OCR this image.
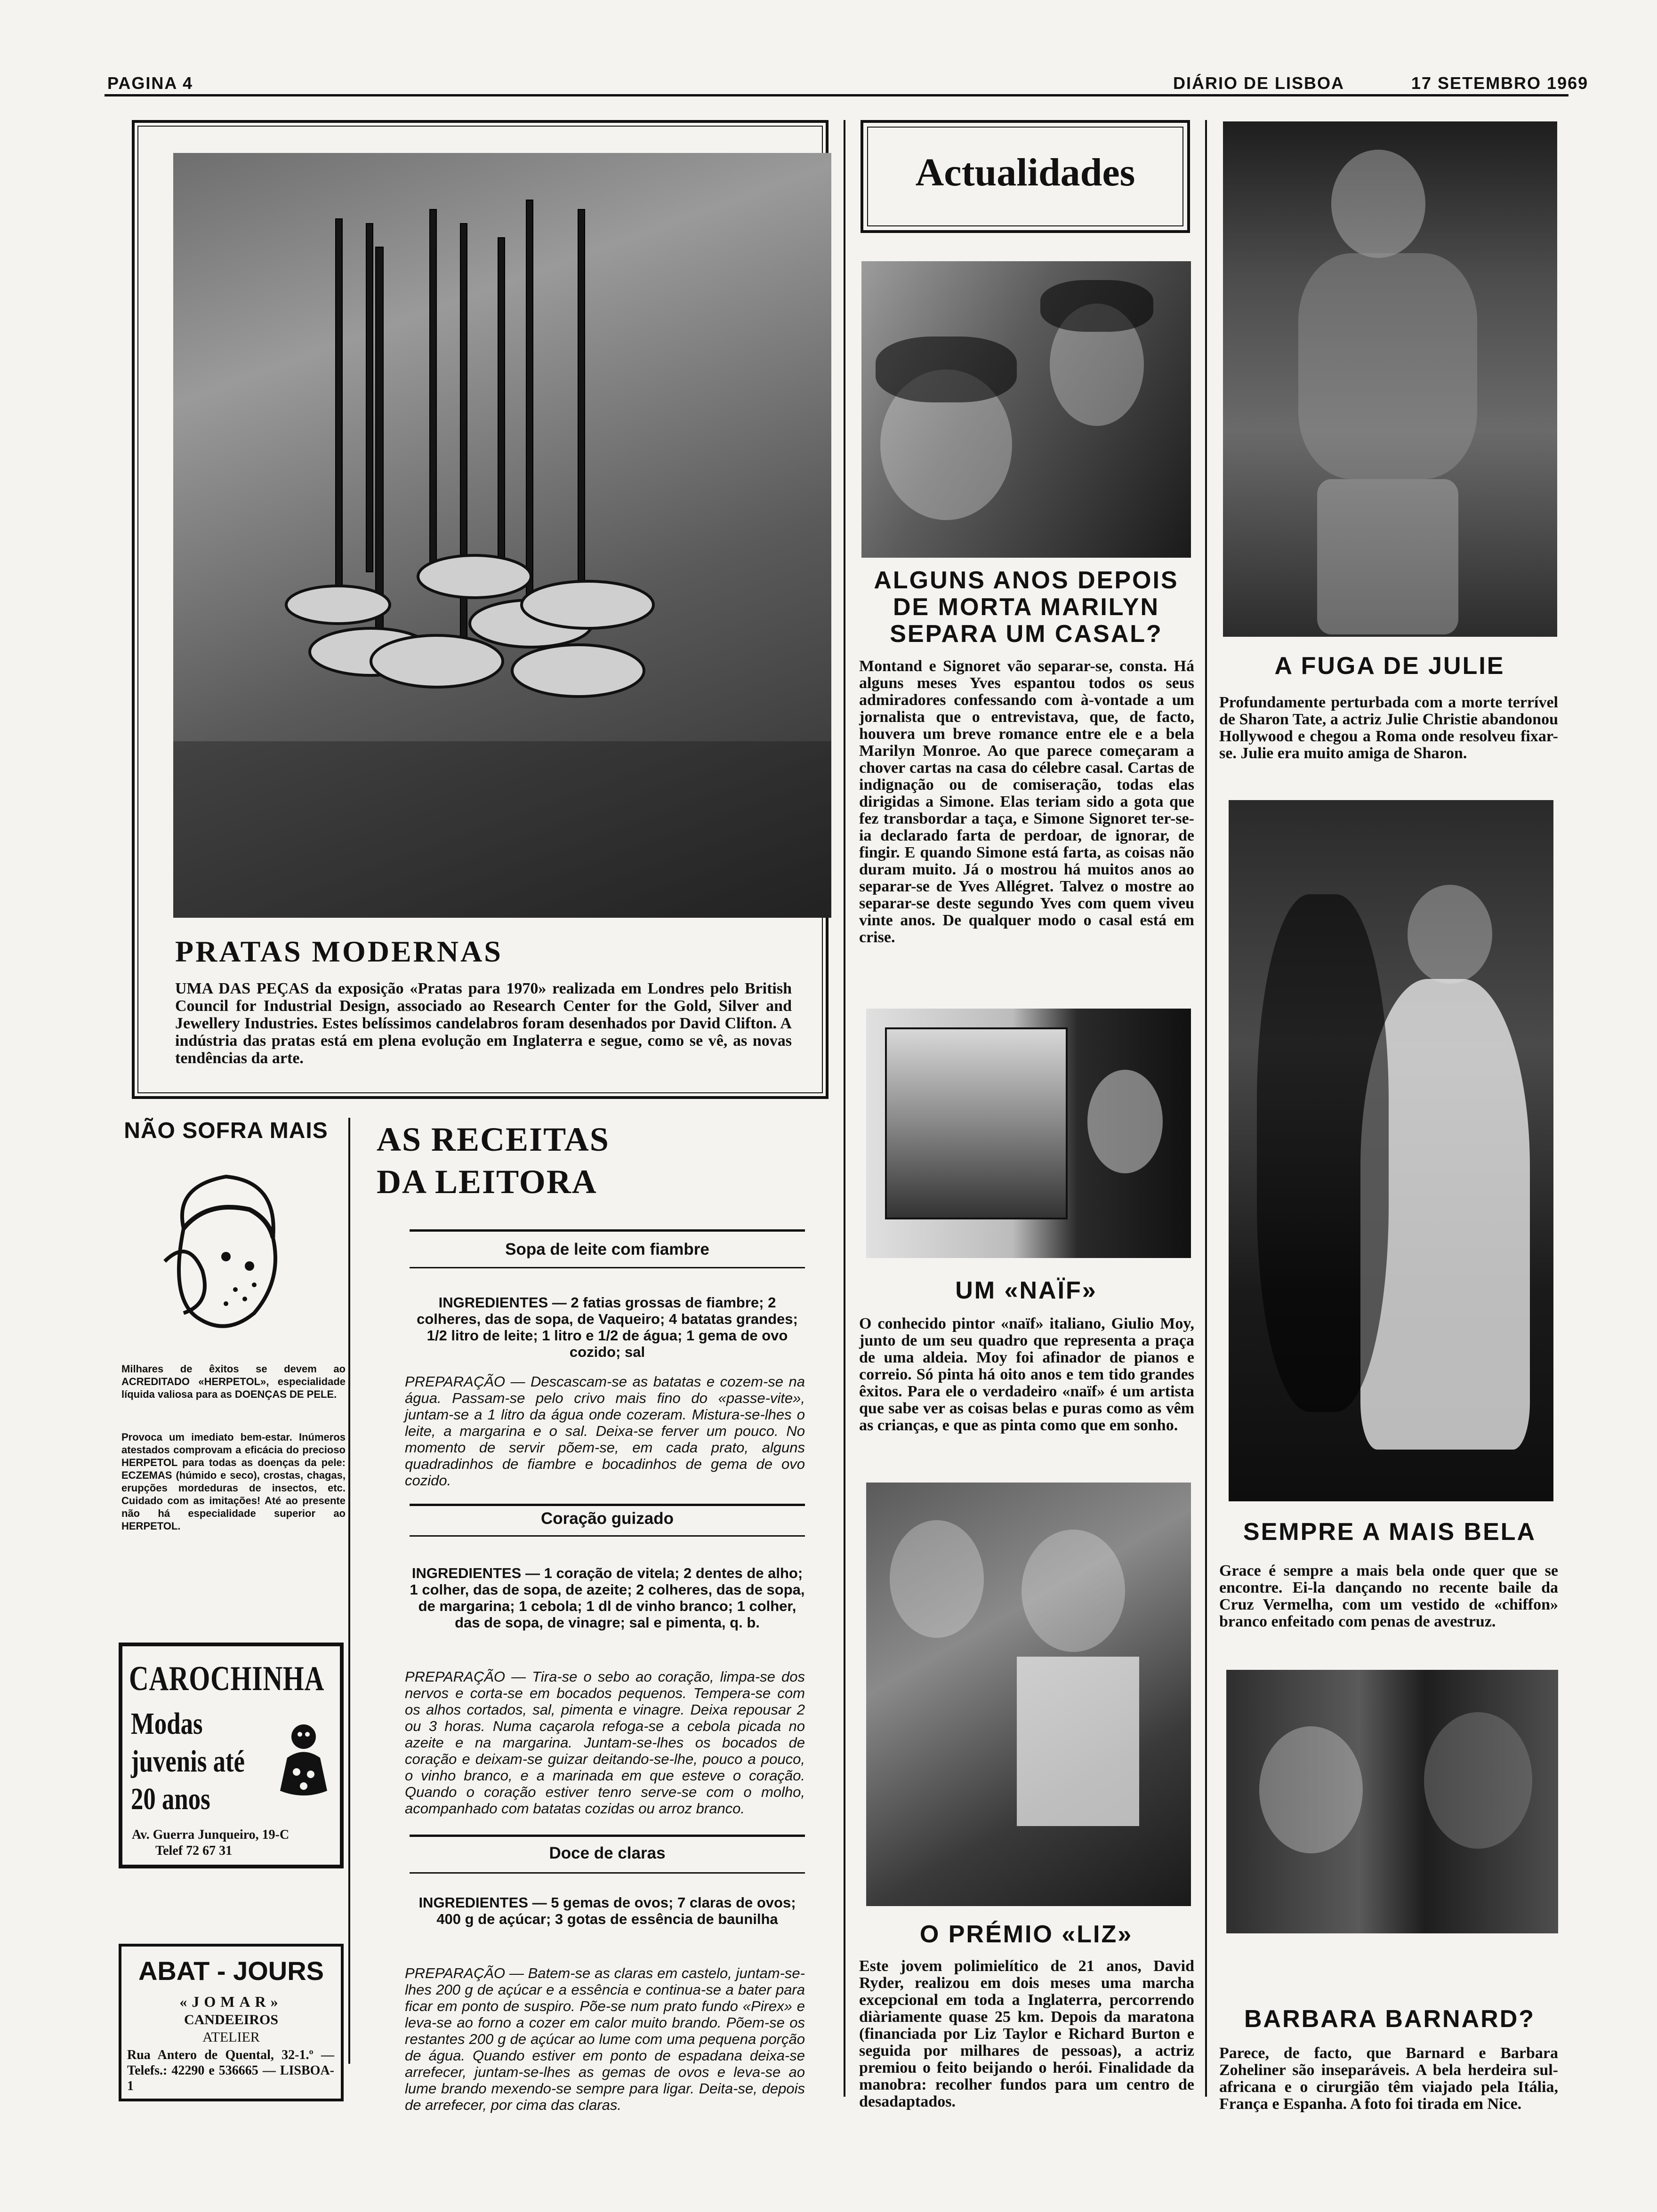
PAGINA 4	DIÁRIO DE LISBOA	17 SETEMBRO 1969
PRATAS MODERNAS
UMA DAS PEÇAS da exposição «Pratas para 1970» realizada em Londres pelo British Council for Industrial Design, associado ao Research Center for the Gold, Silver and Jewellery Industries. Estes belíssimos candelabros foram desenhados por David Clifton. A indústria das pratas está em plena evolução em Inglaterra e segue, como se vê, as novas tendências da arte.
NÃO SOFRA MAIS
Milhares de êxitos se devem ao ACREDITADO «HERPETOL», especialidade líquida valiosa para as DOENÇAS DE PELE.
Provoca um imediato bem-estar. Inúmeros atestados comprovam a eficácia do precioso HERPETOL para todas as doenças da pele: ECZEMAS (húmido e seco), crostas, chagas, erupções mordeduras de insectos, etc. Cuidado com as imitações! Até ao presente não há especialidade superior ao HERPETOL.
CAROCHINHA
Modas
juvenis até
20 anos
Av. Guerra Junqueiro, 19-C
Telef 72 67 31
ABAT - JOURS
«JOMAR»
CANDEEIROS
ATELIER
Rua Antero de Quental, 32-1.º — Telefs.: 42290 e 536665 — LISBOA-1
AS RECEITAS
DA LEITORA
Sopa de leite com fiambre
INGREDIENTES — 2 fatias grossas de fiambre; 2 colheres, das de sopa, de Vaqueiro; 4 batatas grandes; 1/2 litro de leite; 1 litro e 1/2 de água; 1 gema de ovo cozido; sal
PREPARAÇÃO — Descascam-se as batatas e cozem-se na água. Passam-se pelo crivo mais fino do «passe-vite», juntam-se a 1 litro da água onde cozeram. Mistura-se-lhes o leite, a margarina e o sal. Deixa-se ferver um pouco. No momento de servir põem-se, em cada prato, alguns quadradinhos de fiambre e bocadinhos de gema de ovo cozido.
Coração guizado
INGREDIENTES — 1 coração de vitela; 2 dentes de alho; 1 colher, das de sopa, de azeite; 2 colheres, das de sopa, de margarina; 1 cebola; 1 dl de vinho branco; 1 colher, das de sopa, de vinagre; sal e pimenta, q. b.
PREPARAÇÃO — Tira-se o sebo ao coração, limpa-se dos nervos e corta-se em bocados pequenos. Tempera-se com os alhos cortados, sal, pimenta e vinagre. Deixa repousar 2 ou 3 horas. Numa caçarola refoga-se a cebola picada no azeite e na margarina. Juntam-se-lhes os bocados de coração e deixam-se guizar deitando-se-lhe, pouco a pouco, o vinho branco, e a marinada em que esteve o coração. Quando o coração estiver tenro serve-se com o molho, acompanhado com batatas cozidas ou arroz branco.
Doce de claras
INGREDIENTES — 5 gemas de ovos; 7 claras de ovos; 400 g de açúcar; 3 gotas de essência de baunilha
PREPARAÇÃO — Batem-se as claras em castelo, juntam-se-lhes 200 g de açúcar e a essência e continua-se a bater para ficar em ponto de suspiro. Põe-se num prato fundo «Pirex» e leva-se ao forno a cozer em calor muito brando. Põem-se os restantes 200 g de açúcar ao lume com uma pequena porção de água. Quando estiver em ponto de espadana deixa-se arrefecer, juntam-se-lhes as gemas de ovos e leva-se ao lume brando mexendo-se sempre para ligar. Deita-se, depois de arrefecer, por cima das claras.
Actualidades
ALGUNS ANOS DEPOIS DE MORTA MARILYN SEPARA UM CASAL?
Montand e Signoret vão separar-se, consta. Há alguns meses Yves espantou todos os seus admiradores confessando com à-vontade a um jornalista que o entrevistava, que, de facto, houvera um breve romance entre ele e a bela Marilyn Monroe. Ao que parece começaram a chover cartas na casa do célebre casal. Cartas de indignação ou de comiseração, todas elas dirigidas a Simone. Elas teriam sido a gota que fez transbordar a taça, e Simone Signoret ter-se-ia declarado farta de perdoar, de ignorar, de fingir. E quando Simone está farta, as coisas não duram muito. Já o mostrou há muitos anos ao separar-se de Yves Allégret. Talvez o mostre ao separar-se deste segundo Yves com quem viveu vinte anos. De qualquer modo o casal está em crise.
UM «NAÏF»
O conhecido pintor «naïf» italiano, Giulio Moy, junto de um seu quadro que representa a praça de uma aldeia. Moy foi afinador de pianos e correio. Só pinta há oito anos e tem tido grandes êxitos. Para ele o verdadeiro «naïf» é um artista que sabe ver as coisas belas e puras como as vêm as crianças, e que as pinta como que em sonho.
O PRÉMIO «LIZ»
Este jovem polimielítico de 21 anos, David Ryder, realizou em dois meses uma marcha excepcional em toda a Inglaterra, percorrendo diàriamente quase 25 km. Depois da maratona (financiada por Liz Taylor e Richard Burton e seguida por milhares de pessoas), a actriz premiou o feito beijando o herói. Finalidade da manobra: recolher fundos para um centro de desadaptados.
A FUGA DE JULIE
Profundamente perturbada com a morte terrível de Sharon Tate, a actriz Julie Christie abandonou Hollywood e chegou a Roma onde resolveu fixar-se. Julie era muito amiga de Sharon.
SEMPRE A MAIS BELA
Grace é sempre a mais bela onde quer que se encontre. Ei-la dançando no recente baile da Cruz Vermelha, com um vestido de «chiffon» branco enfeitado com penas de avestruz.
BARBARA BARNARD?
Parece, de facto, que Barnard e Barbara Zoheliner são inseparáveis. A bela herdeira sul-africana e o cirurgião têm viajado pela Itália, França e Espanha. A foto foi tirada em Nice.
